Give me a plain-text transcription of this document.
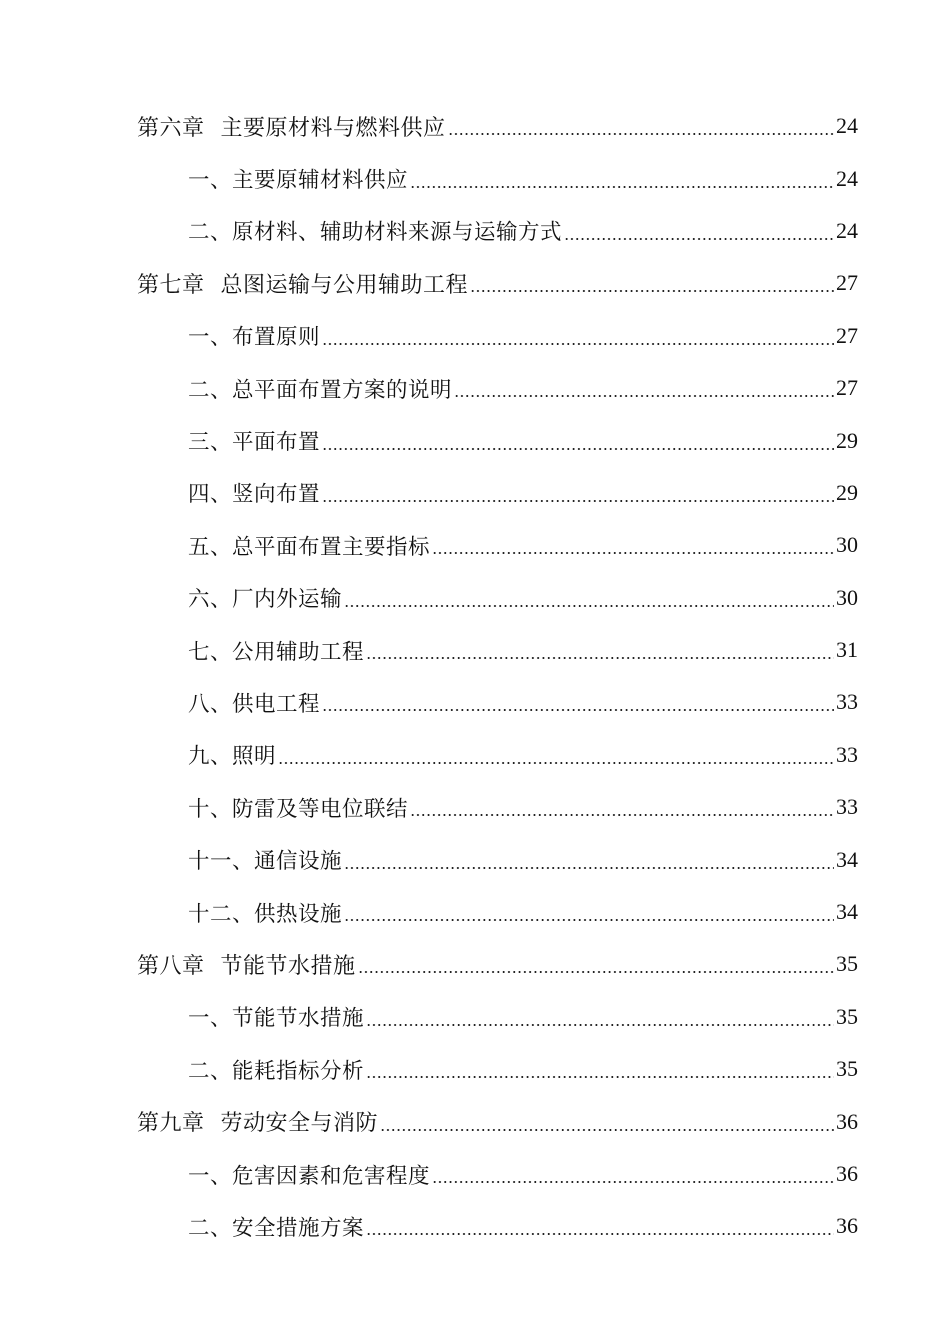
第六章 主要原材料与燃料供应	24
一、主要原辅材料供应	24
二、原材料、辅助材料来源与运输方式	24
第七章 总图运输与公用辅助工程	27
一、布置原则	27
二、总平面布置方案的说明	27
三、平面布置	29
四、竖向布置	29
五、总平面布置主要指标	30
六、厂内外运输	30
七、公用辅助工程	31
八、供电工程	33
九、照明	33
十、防雷及等电位联结	33
十一、通信设施	34
十二、供热设施	34
第八章 节能节水措施	35
一、节能节水措施	35
二、能耗指标分析	35
第九章 劳动安全与消防	36
一、危害因素和危害程度	36
二、安全措施方案	36
